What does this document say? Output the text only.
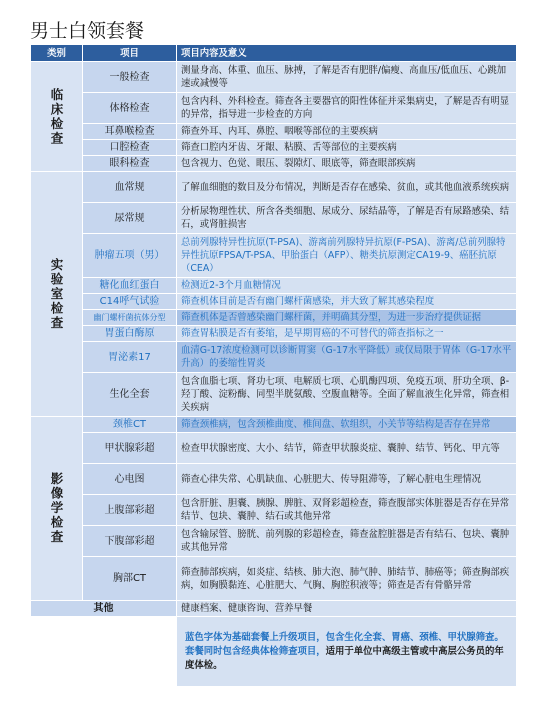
男士白领套餐
类别	项目	项目内容及意义

临床检查	一般检查	测量身高、体重、血压、脉搏，了解是否有肥胖/偏瘦、高血压/低血压、心跳加速或减慢等
	体格检查	包含内科、外科检查。筛查各主要器官的阳性体征并采集病史，了解是否有明显的异常，指导进一步检查的方向
	耳鼻喉检查	筛查外耳、内耳、鼻腔、咽喉等部位的主要疾病
	口腔检查	筛查口腔内牙齿、牙龈、粘膜、舌等部位的主要疾病
	眼科检查	包含视力、色觉、眼压、裂隙灯、眼底等，筛查眼部疾病

实验室检查	血常规	了解血细胞的数目及分布情况，判断是否存在感染、贫血，或其他血液系统疾病
	尿常规	分析尿物理性状、所含各类细胞、尿成分、尿结晶等，了解是否有尿路感染、结石，或肾脏损害
	肿瘤五项（男）	总前列腺特异性抗原(T-PSA)、游离前列腺特异抗原(F-PSA)、游离/总前列腺特异性抗原FPSA/T-PSA、甲胎蛋白（AFP）、糖类抗原测定CA19-9、癌胚抗原（CEA）
	糖化血红蛋白	检测近2-3个月血糖情况
	C14呼气试验	筛查机体目前是否有幽门螺杆菌感染，并大致了解其感染程度
	幽门螺杆菌抗体分型	筛查机体是否曾感染幽门螺杆菌，并明确其分型，为进一步治疗提供证据
	胃蛋白酶原	筛查胃粘膜是否有萎缩，是早期胃癌的不可替代的筛查指标之一
	胃泌素17	血清G-17浓度检测可以诊断胃窦（G-17水平降低）或仅局限于胃体（G-17水平升高）的萎缩性胃炎
	生化全套	包含血脂七项、肾功七项、电解质七项、心肌酶四项、免疫五项、肝功全项、β-羟丁酸、淀粉酶、同型半胱氨酸、空腹血糖等。全面了解血液生化异常，筛查相关疾病

影像学检查	颈椎CT	筛查颈椎病，包含颈椎曲度、椎间盘、软组织，小关节等结构是否存在异常
	甲状腺彩超	检查甲状腺密度、大小、结节，筛查甲状腺炎症、囊肿、结节、钙化、甲亢等
	心电图	筛查心律失常、心肌缺血、心脏肥大、传导阻滞等，了解心脏电生理情况
	上腹部彩超	包含肝脏、胆囊、胰腺、脾脏、双肾彩超检查，筛查腹部实体脏器是否存在异常结节、包块、囊肿、结石或其他异常
	下腹部彩超	包含输尿管、膀胱、前列腺的彩超检查，筛查盆腔脏器是否有结石、包块、囊肿或其他异常
	胸部CT	筛查肺部疾病，如炎症、结核、肺大泡、肺气肿、肺结节、肺癌等；筛查胸部疾病，如胸膜黏连、心脏肥大、气胸、胸腔积液等；筛查是否有骨骼异常
其他		健康档案、健康咨询、营养早餐
		蓝色字体为基础套餐上升级项目，包含生化全套、胃癌、颈椎、甲状腺筛查。套餐同时包含经典体检筛查项目，适用于单位中高级主管或中高层公务员的年度体检。
